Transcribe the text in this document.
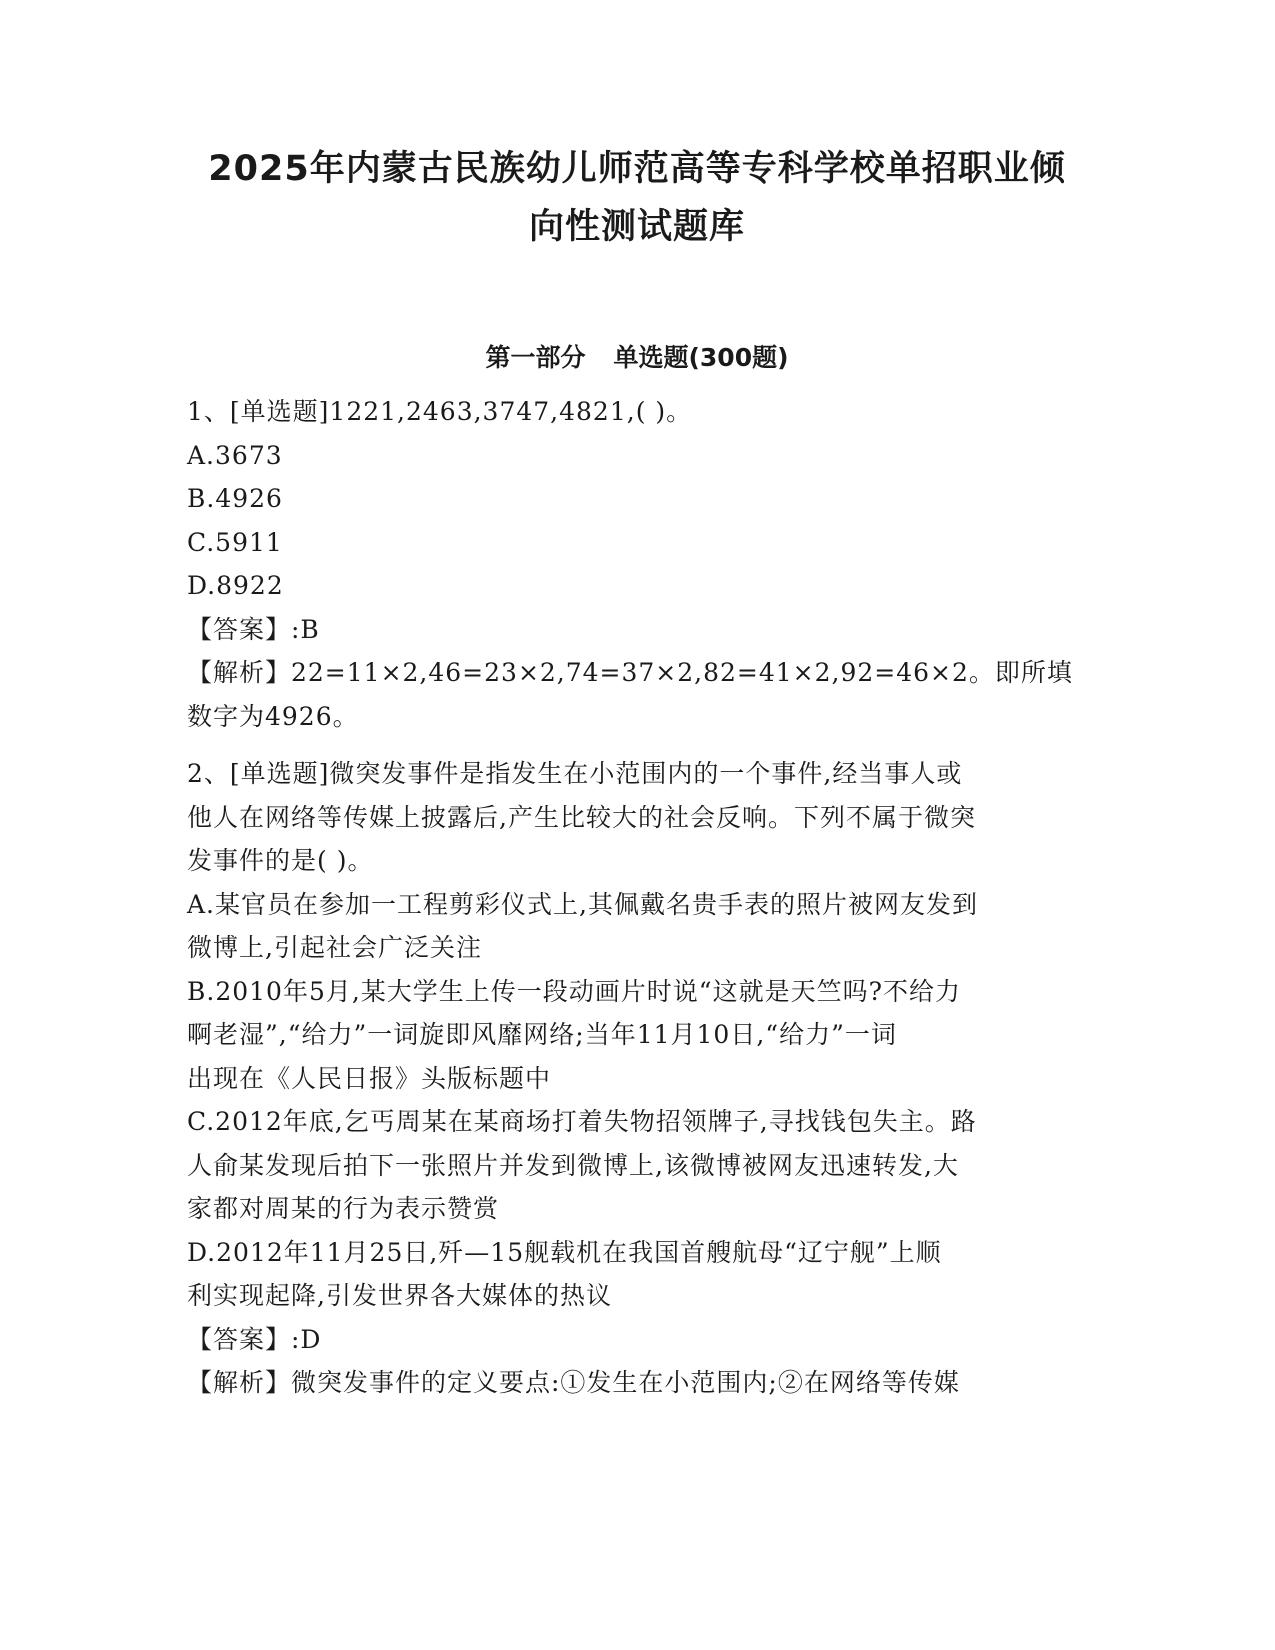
2025年内蒙古民族幼儿师范高等专科学校单招职业倾
向性测试题库
第一部分 单选题(300题)

1、[单选题]1221,2463,3747,4821,( )。

A.3673

B.4926

C.5911

D.8922

【答案】:B

【解析】22=11×2,46=23×2,74=37×2,82=41×2,92=46×2。即所填

数字为4926。

2、[单选题]微突发事件是指发生在小范围内的一个事件,经当事人或

他人在网络等传媒上披露后,产生比较大的社会反响。下列不属于微突

发事件的是( )。

A.某官员在参加一工程剪彩仪式上,其佩戴名贵手表的照片被网友发到

微博上,引起社会广泛关注

B.2010年5月,某大学生上传一段动画片时说“这就是天竺吗?不给力

啊老湿”,“给力”一词旋即风靡网络;当年11月10日,“给力”一词

出现在《人民日报》头版标题中

C.2012年底,乞丐周某在某商场打着失物招领牌子,寻找钱包失主。路

人俞某发现后拍下一张照片并发到微博上,该微博被网友迅速转发,大

家都对周某的行为表示赞赏

D.2012年11月25日,歼—15舰载机在我国首艘航母“辽宁舰”上顺

利实现起降,引发世界各大媒体的热议

【答案】:D

【解析】微突发事件的定义要点:①发生在小范围内;②在网络等传媒
